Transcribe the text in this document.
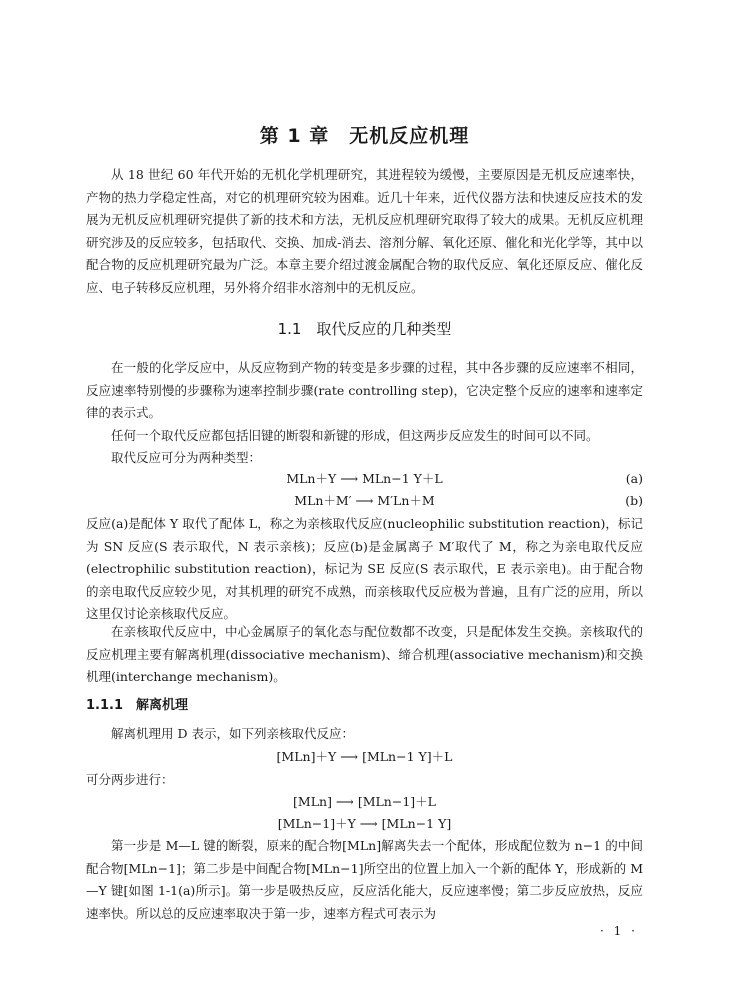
第 1 章　无机反应机理

从 18 世纪 60 年代开始的无机化学机理研究，其进程较为缓慢，主要原因是无机反应速率快，产物的热力学稳定性高，对它的机理研究较为困难。近几十年来，近代仪器方法和快速反应技术的发展为无机反应机理研究提供了新的技术和方法，无机反应机理研究取得了较大的成果。无机反应机理研究涉及的反应较多，包括取代、交换、加成-消去、溶剂分解、氧化还原、催化和光化学等，其中以配合物的反应机理研究最为广泛。本章主要介绍过渡金属配合物的取代反应、氧化还原反应、催化反应、电子转移反应机理，另外将介绍非水溶剂中的无机反应。

1.1　取代反应的几种类型

在一般的化学反应中，从反应物到产物的转变是多步骤的过程，其中各步骤的反应速率不相同，反应速率特别慢的步骤称为速率控制步骤(rate controlling step)，它决定整个反应的速率和速率定律的表示式。

任何一个取代反应都包括旧键的断裂和新键的形成，但这两步反应发生的时间可以不同。

取代反应可分为两种类型：

MLn＋Y ⟶ MLn−1 Y＋L	(a)
MLn＋M′ ⟶ M′Ln＋M	(b)

反应(a)是配体 Y 取代了配体 L，称之为亲核取代反应(nucleophilic substitution reaction)，标记为 SN 反应(S 表示取代，N 表示亲核)；反应(b)是金属离子 M′取代了 M，称之为亲电取代反应(electrophilic substitution reaction)，标记为 SE 反应(S 表示取代，E 表示亲电)。由于配合物的亲电取代反应较少见，对其机理的研究不成熟，而亲核取代反应极为普遍，且有广泛的应用，所以这里仅讨论亲核取代反应。

在亲核取代反应中，中心金属原子的氧化态与配位数都不改变，只是配体发生交换。亲核取代的反应机理主要有解离机理(dissociative mechanism)、缔合机理(associative mechanism)和交换机理(interchange mechanism)。

1.1.1　解离机理

解离机理用 D 表示，如下列亲核取代反应：

[MLn]＋Y ⟶ [MLn−1 Y]＋L

可分两步进行：

[MLn] ⟶ [MLn−1]＋L
[MLn−1]＋Y ⟶ [MLn−1 Y]

第一步是 M—L 键的断裂，原来的配合物[MLn]解离失去一个配体，形成配位数为 n−1 的中间配合物[MLn−1]；第二步是中间配合物[MLn−1]所空出的位置上加入一个新的配体 Y，形成新的 M—Y 键[如图 1-1(a)所示]。第一步是吸热反应，反应活化能大，反应速率慢；第二步反应放热，反应速率快。所以总的反应速率取决于第一步，速率方程式可表示为

· 1 ·
